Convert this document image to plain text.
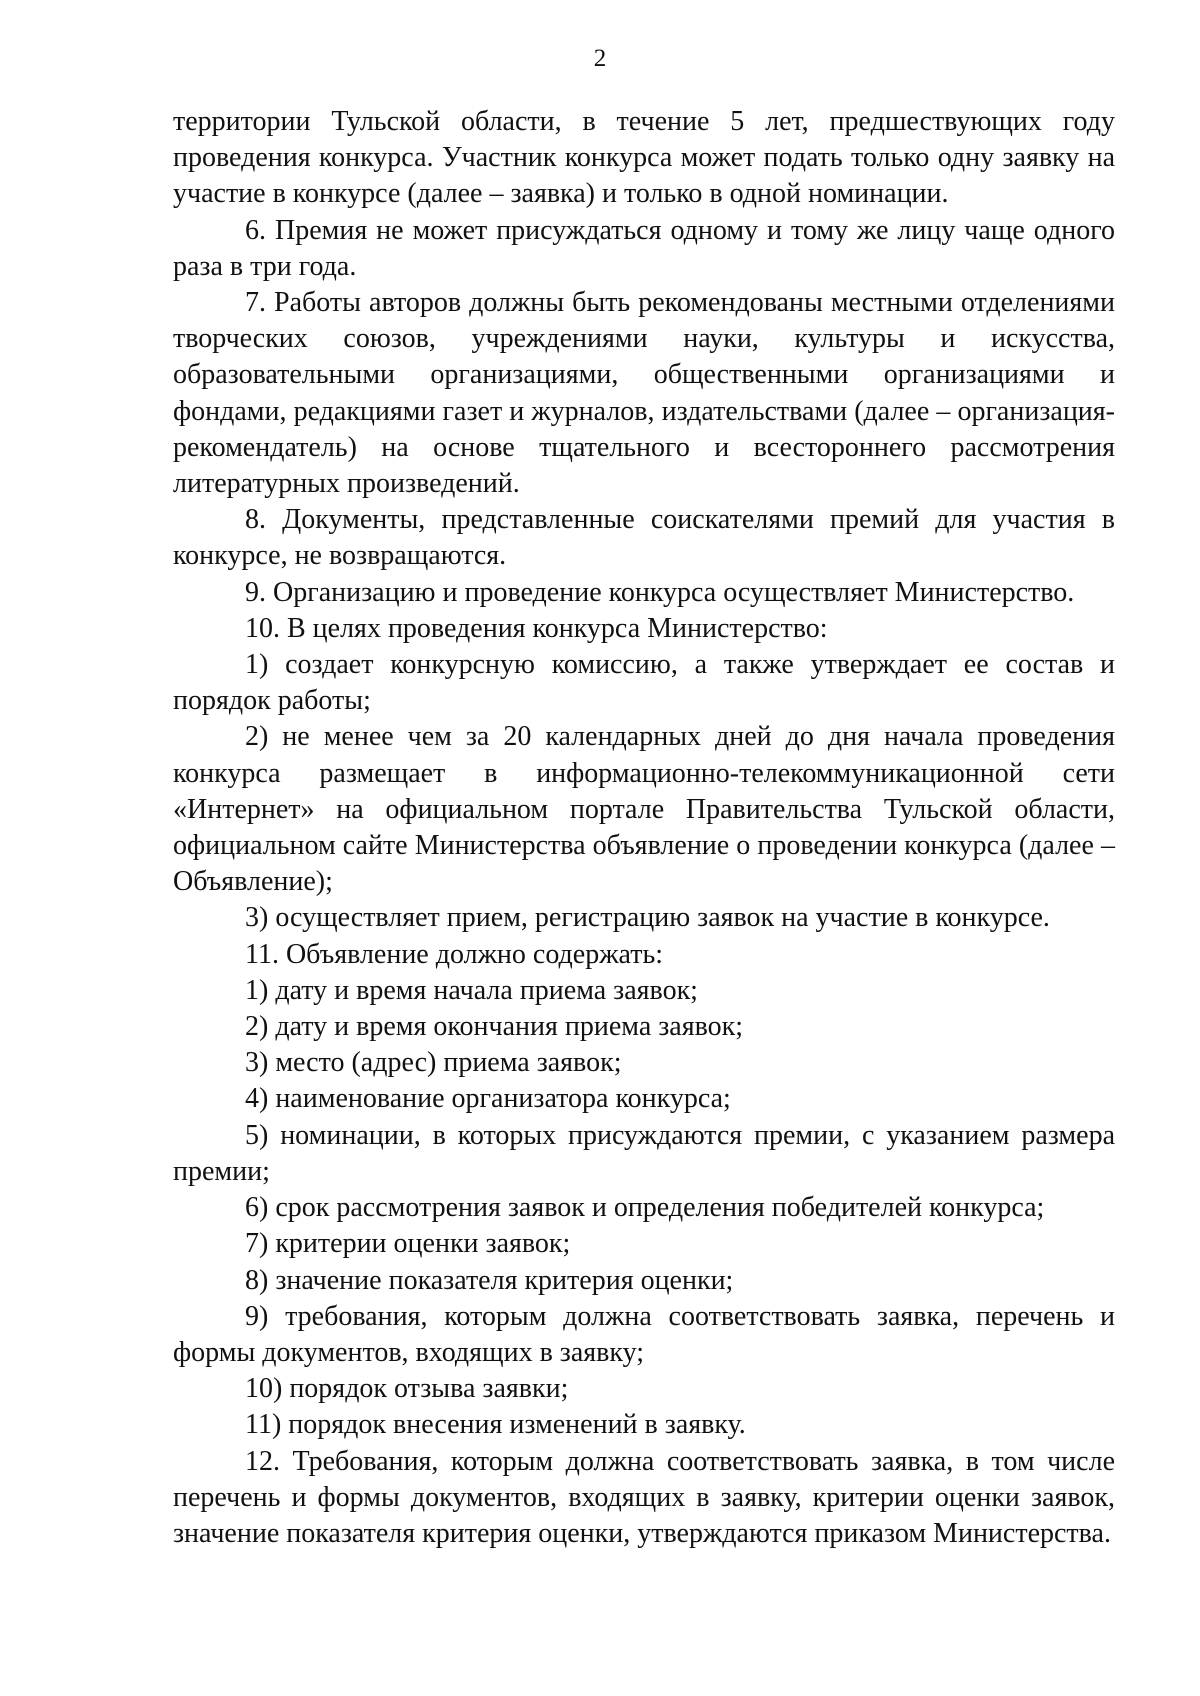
2

территории Тульской области, в течение 5 лет, предшествующих году проведения конкурса. Участник конкурса может подать только одну заявку на участие в конкурсе (далее – заявка) и только в одной номинации.

6. Премия не может присуждаться одному и тому же лицу чаще одного раза в три года.

7. Работы авторов должны быть рекомендованы местными отделениями творческих союзов, учреждениями науки, культуры и искусства, образовательными организациями, общественными организациями и фондами, редакциями газет и журналов, издательствами (далее – организация-рекомендатель) на основе тщательного и всестороннего рассмотрения литературных произведений.

8. Документы, представленные соискателями премий для участия в конкурсе, не возвращаются.

9. Организацию и проведение конкурса осуществляет Министерство.

10. В целях проведения конкурса Министерство:

1) создает конкурсную комиссию, а также утверждает ее состав и порядок работы;

2) не менее чем за 20 календарных дней до дня начала проведения конкурса размещает в информационно-телекоммуникационной сети «Интернет» на официальном портале Правительства Тульской области, официальном сайте Министерства объявление о проведении конкурса (далее – Объявление);

3) осуществляет прием, регистрацию заявок на участие в конкурсе.

11. Объявление должно содержать:

1) дату и время начала приема заявок;

2) дату и время окончания приема заявок;

3) место (адрес) приема заявок;

4) наименование организатора конкурса;

5) номинации, в которых присуждаются премии, с указанием размера премии;

6) срок рассмотрения заявок и определения победителей конкурса;

7) критерии оценки заявок;

8) значение показателя критерия оценки;

9) требования, которым должна соответствовать заявка, перечень и формы документов, входящих в заявку;

10) порядок отзыва заявки;

11) порядок внесения изменений в заявку.

12. Требования, которым должна соответствовать заявка, в том числе перечень и формы документов, входящих в заявку, критерии оценки заявок, значение показателя критерия оценки, утверждаются приказом Министерства.
